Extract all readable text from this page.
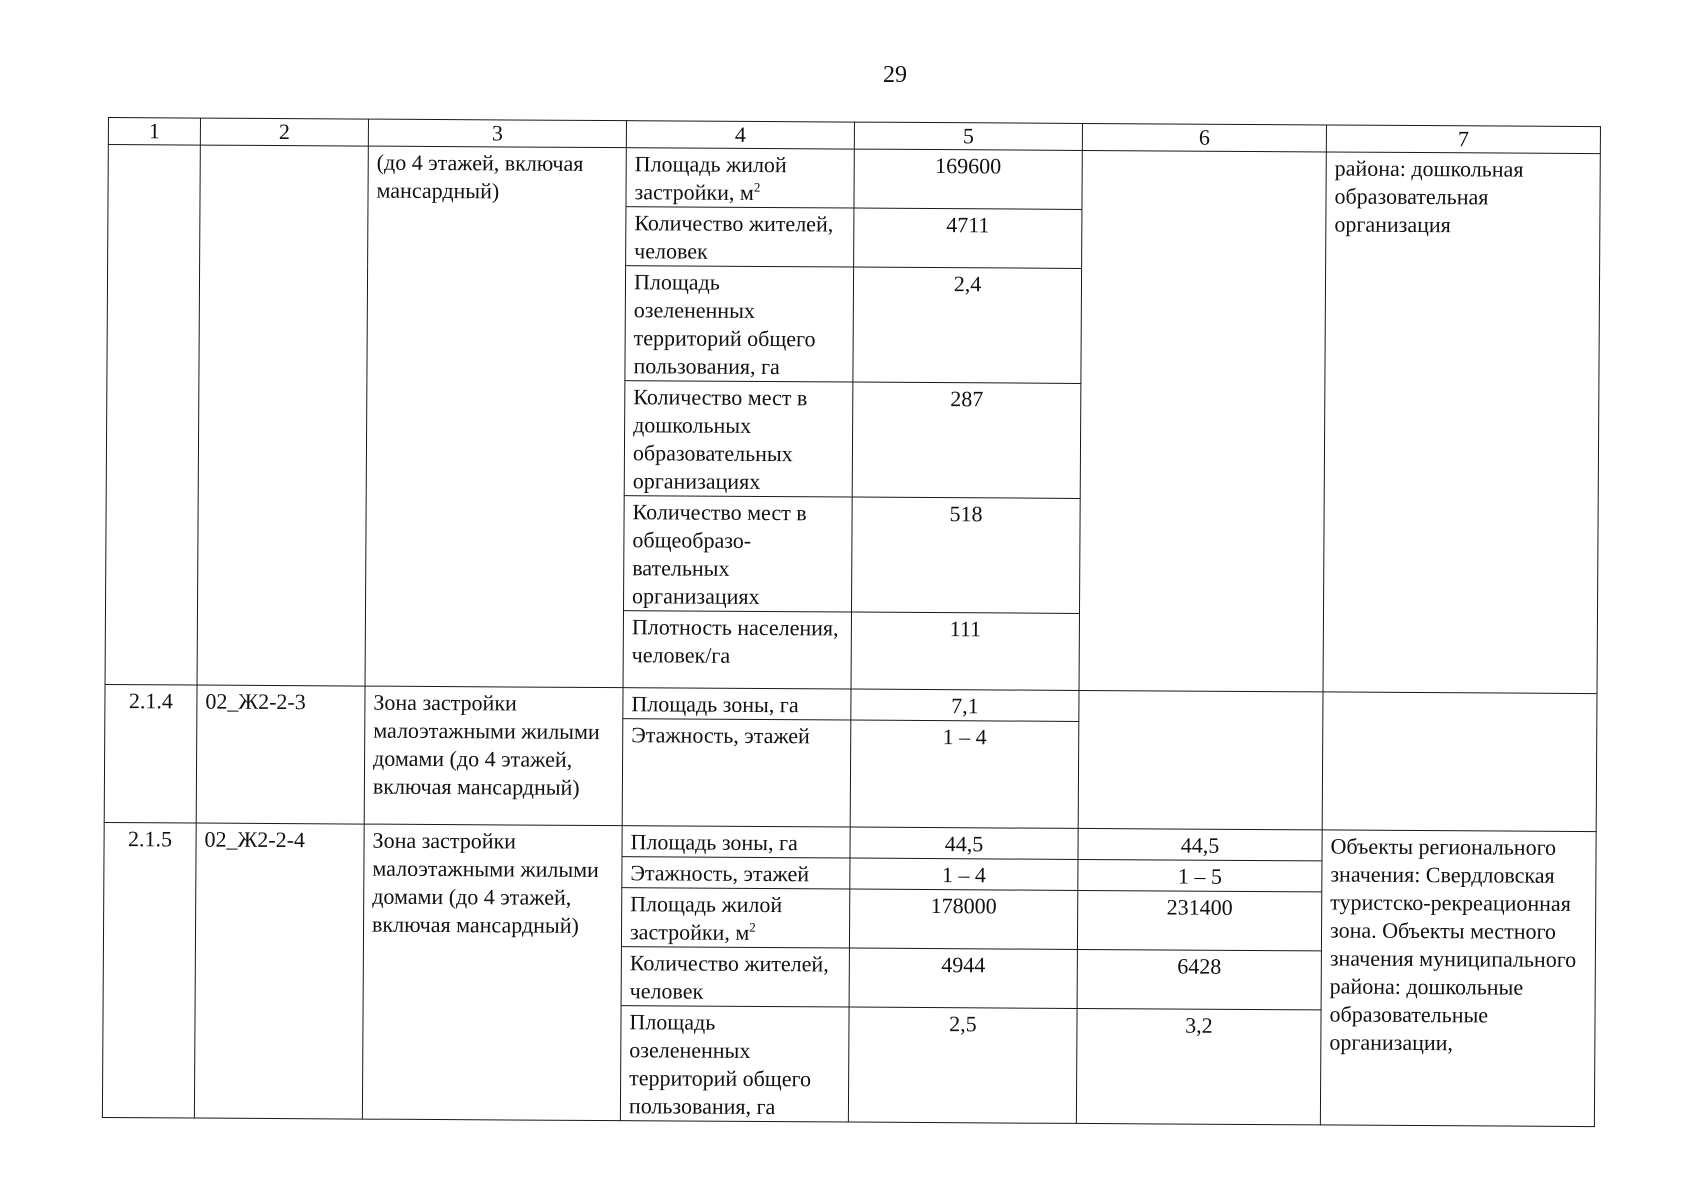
29
1	2	3	4	5	6	7
		(до 4 этажей, включая мансардный)	Площадь жилой застройки, $м^2$	169600		района: дошкольная образовательная организация
			Количество жителей, человек	4711		
			Площадь озелененных территорий общего пользования, га	2,4		
			Количество мест в дошкольных образовательных организациях	287		
			Количество мест в общеобразо-вательных организациях	518		
			Плотность населения, человек/га	111		
2.1.4	02_Ж2-2-3	Зона застройки малоэтажными жилыми домами (до 4 этажей, включая мансардный)	Площадь зоны, га	7,1		
			Этажность, этажей	1 – 4		
2.1.5	02_Ж2-2-4	Зона застройки малоэтажными жилыми домами (до 4 этажей, включая мансардный)	Площадь зоны, га	44,5	44,5	Объекты регионального значения: Свердловская туристско-рекреационная зона. Объекты местного значения муниципального района: дошкольные образовательные организации,
			Этажность, этажей	1 – 4	1 – 5	
			Площадь жилой застройки, $м^2$	178000	231400	
			Количество жителей, человек	4944	6428	
			Площадь озелененных территорий общего пользования, га	2,5	3,2	
